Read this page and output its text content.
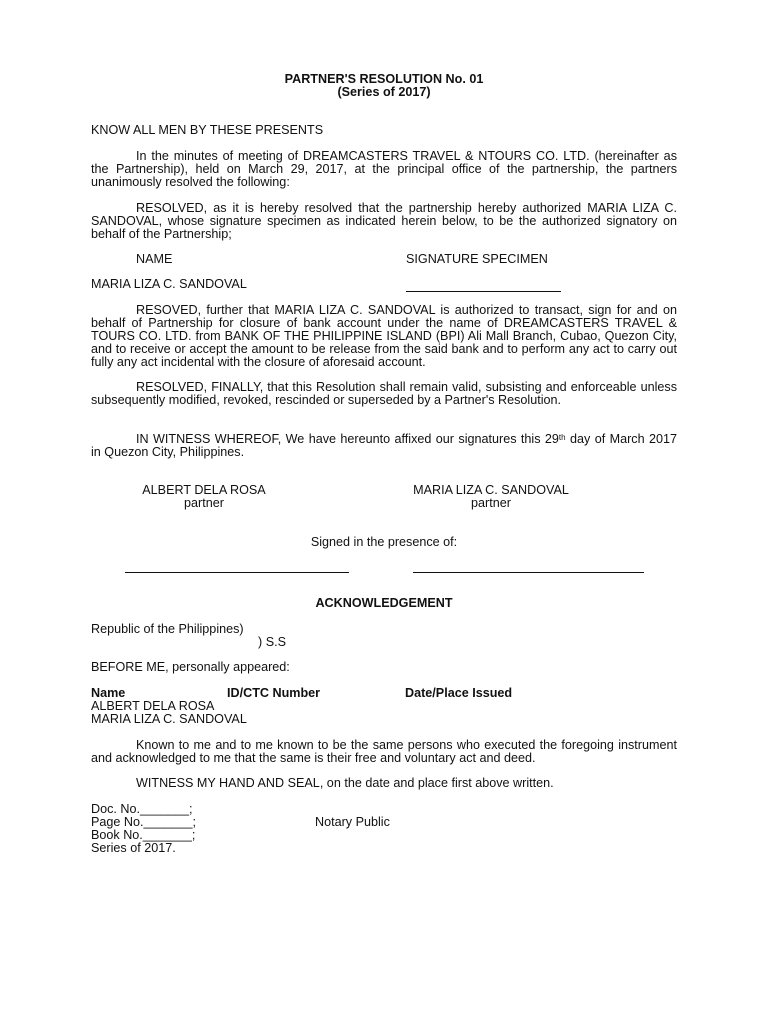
PARTNER'S RESOLUTION No. 01
(Series of 2017)
KNOW ALL MEN BY THESE PRESENTS

In the minutes of meeting of DREAMCASTERS TRAVEL & NTOURS CO. LTD. (hereinafter as the Partnership), held on March 29, 2017, at the principal office of the partnership, the partners unanimously resolved the following:

RESOLVED, as it is hereby resolved that the partnership hereby authorized MARIA LIZA C. SANDOVAL, whose signature specimen as indicated herein below, to be the authorized signatory on behalf of the Partnership;

NAME	SIGNATURE SPECIMEN
MARIA LIZA C. SANDOVAL

RESOVED, further that MARIA LIZA C. SANDOVAL is authorized to transact, sign for and on behalf of Partnership for closure of bank account under the name of DREAMCASTERS TRAVEL & TOURS CO. LTD. from BANK OF THE PHILIPPINE ISLAND (BPI) Ali Mall Branch, Cubao, Quezon City, and to receive or accept the amount to be release from the said bank and to perform any act to carry out fully any act incidental with the closure of aforesaid account.

RESOLVED, FINALLY, that this Resolution shall remain valid, subsisting and enforceable unless subsequently modified, revoked, rescinded or superseded by a Partner's Resolution.

IN WITNESS WHEREOF, We have hereunto affixed our signatures this 29th day of March 2017 in Quezon City, Philippines.

ALBERT DELA ROSA
partner
MARIA LIZA C. SANDOVAL
partner
Signed in the presence of:
ACKNOWLEDGEMENT
Republic of the Philippines)
) S.S
BEFORE ME, personally appeared:
Name	ID/CTC Number	Date/Place Issued
ALBERT DELA ROSA
MARIA LIZA C. SANDOVAL

Known to me and to me known to be the same persons who executed the foregoing instrument and acknowledged to me that the same is their free and voluntary act and deed.

WITNESS MY HAND AND SEAL, on the date and place first above written.
Doc. No._______;
Page No._______;	Notary Public
Book No._______;
Series of 2017.
